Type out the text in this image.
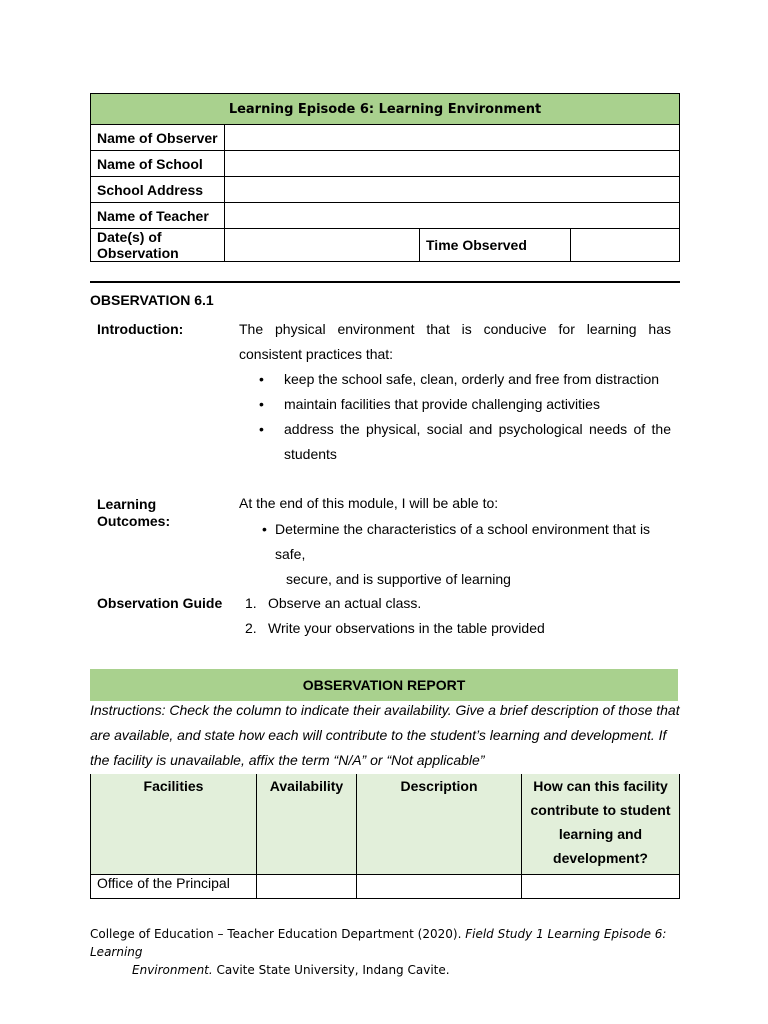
Learning Episode 6: Learning Environment			
Name of Observer			
Name of School			
School Address			
Name of Teacher			
Date(s) of
Observation		Time Observed	
OBSERVATION 6.1
Introduction:	The physical environment that is conducive for learning has consistent practices that:
• keep the school safe, clean, orderly and free from distraction
• maintain facilities that provide challenging activities
• address the physical, social and psychological needs of the students
Learning
Outcomes:
At the end of this module, I will be able to:
• Determine the characteristics of a school environment that is safe,
secure, and is supportive of learning
Observation Guide 1. Observe an actual class.
2. Write your observations in the table provided
OBSERVATION REPORT
Instructions: Check the column to indicate their availability. Give a brief description of those that are available, and state how each will contribute to the student’s learning and development. If the facility is unavailable, affix the term “N/A” or “Not applicable”
Facilities	Availability	Description	How can this facility contribute to student learning and development?
Office of the Principal			
College of Education – Teacher Education Department (2020). Field Study 1 Learning Episode 6: Learning
Environment. Cavite State University, Indang Cavite.
